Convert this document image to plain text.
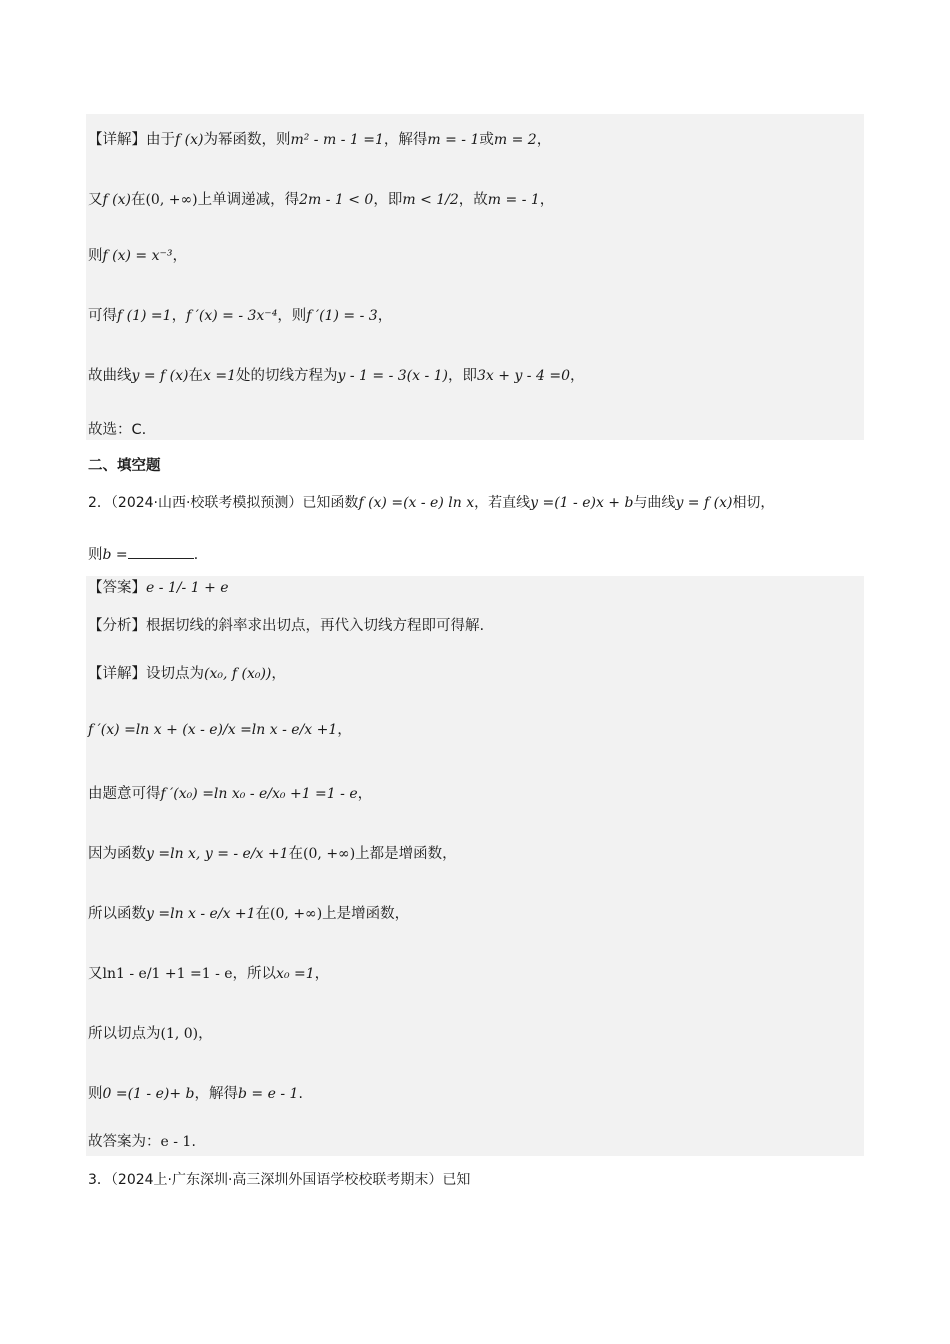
【详解】由于f (x)为幂函数，则m² - m - 1 =1，解得m = - 1或m = 2，
又f (x)在(0, +∞)上单调递减，得2m - 1 < 0，即m < 1/2，故m = - 1，
则f (x) = x⁻³，
可得f (1) =1，f ′(x) = - 3x⁻⁴，则f ′(1) = - 3，
故曲线y = f (x)在x =1处的切线方程为y - 1 = - 3(x - 1)，即3x + y - 4 =0，
故选：C.
二、填空题
2．（2024·山西·校联考模拟预测）已知函数f (x) =(x - e) ln x，若直线y =(1 - e)x + b与曲线y = f (x)相切，
则b =	.
【答案】e - 1/- 1 + e
【分析】根据切线的斜率求出切点，再代入切线方程即可得解.
【详解】设切点为(x₀, f (x₀))，
f ′(x) =ln x + (x - e)/x =ln x - e/x +1，
由题意可得f ′(x₀) =ln x₀ - e/x₀ +1 =1 - e，
因为函数y =ln x, y = - e/x +1在(0, +∞)上都是增函数，
所以函数y =ln x - e/x +1在(0, +∞)上是增函数，
又ln1 - e/1 +1 =1 - e，所以x₀ =1，
所以切点为(1, 0)，
则0 =(1 - e)+ b，解得b = e - 1.
故答案为：e - 1.
3．（2024上·广东深圳·高三深圳外国语学校校联考期末）已知
